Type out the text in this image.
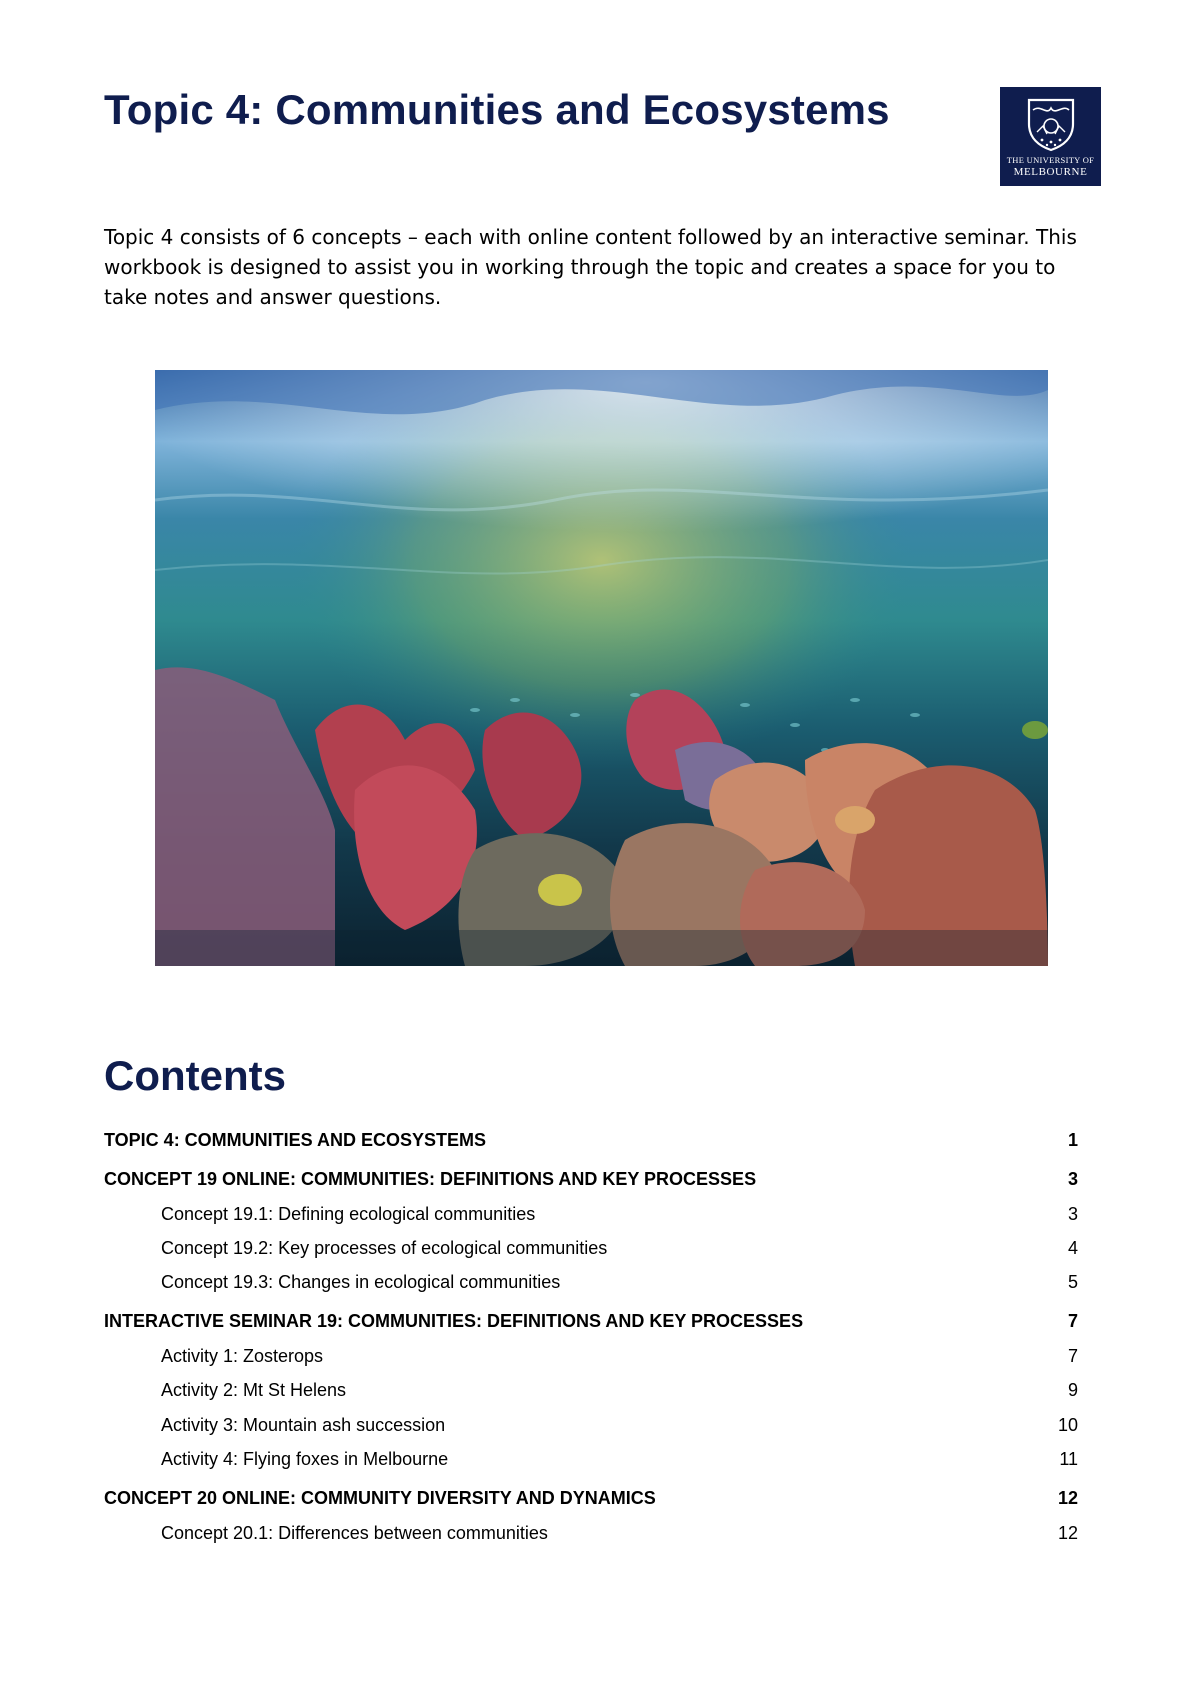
Topic 4: Communities and Ecosystems
THE UNIVERSITY OF
MELBOURNE

Topic 4 consists of 6 concepts – each with online content followed by an interactive seminar. This workbook is designed to assist you in working through the topic and creates a space for you to take notes and answer questions.

Contents
TOPIC 4: COMMUNITIES AND ECOSYSTEMS	1
CONCEPT 19 ONLINE: COMMUNITIES: DEFINITIONS AND KEY PROCESSES	3
Concept 19.1: Defining ecological communities	3
Concept 19.2: Key processes of ecological communities	4
Concept 19.3: Changes in ecological communities	5
INTERACTIVE SEMINAR 19: COMMUNITIES: DEFINITIONS AND KEY PROCESSES	7
Activity 1: Zosterops	7
Activity 2: Mt St Helens	9
Activity 3: Mountain ash succession	10
Activity 4: Flying foxes in Melbourne	11
CONCEPT 20 ONLINE: COMMUNITY DIVERSITY AND DYNAMICS	12
Concept 20.1: Differences between communities	12
